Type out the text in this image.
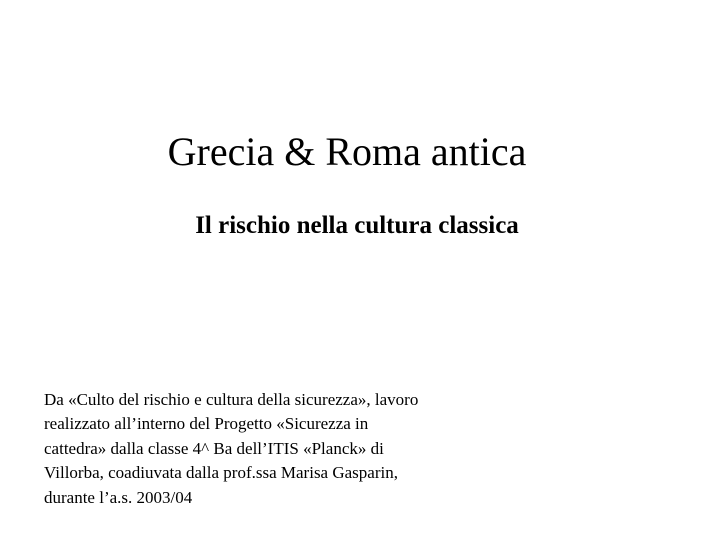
Grecia & Roma antica
Il rischio nella cultura classica

Da «Culto del rischio e cultura della sicurezza», lavoro
realizzato all’interno del Progetto «Sicurezza in
cattedra» dalla classe 4^ Ba dell’ITIS «Planck» di
Villorba, coadiuvata dalla prof.ssa Marisa Gasparin,
durante l’a.s. 2003/04
